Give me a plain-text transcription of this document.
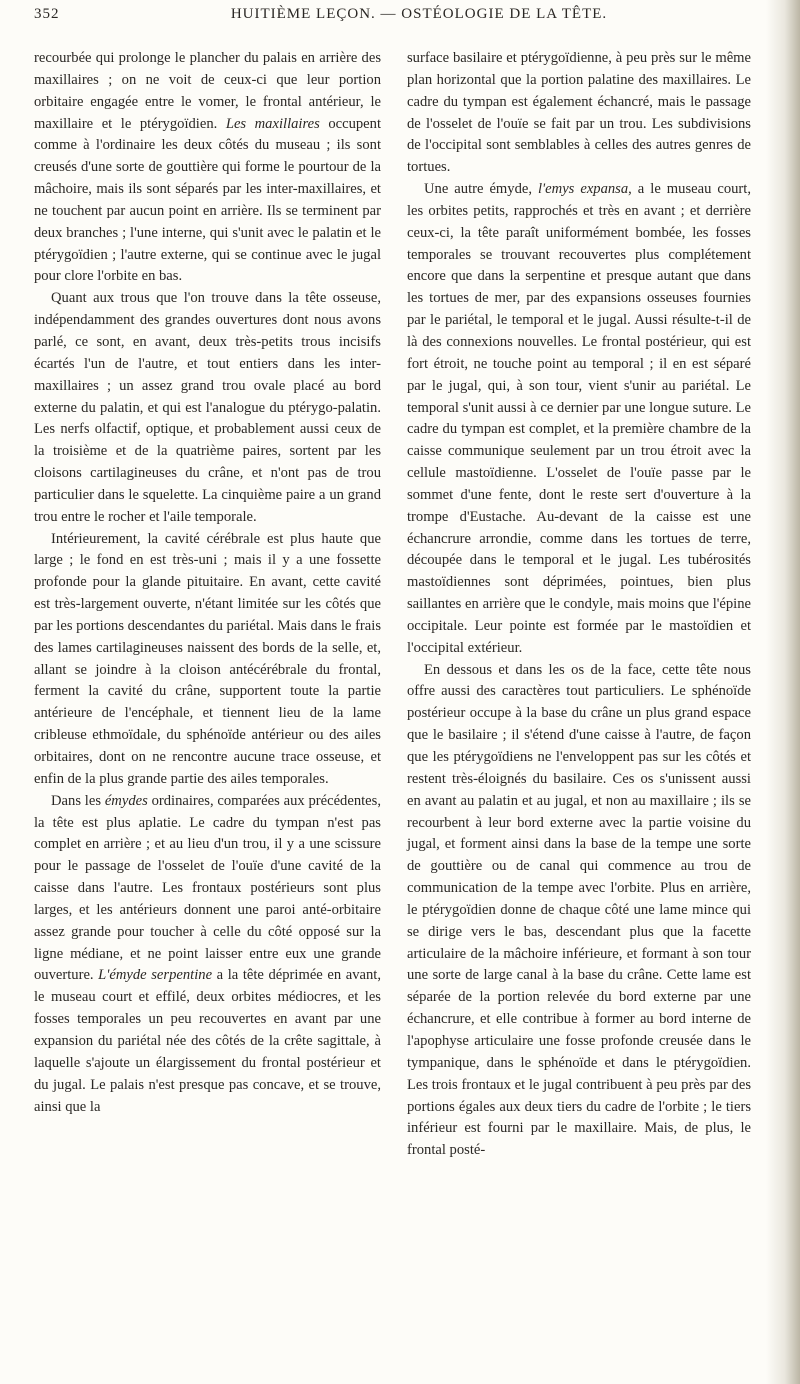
352	HUITIÈME LEÇON. — OSTÉOLOGIE DE LA TÊTE.

recourbée qui prolonge le plancher du palais en arrière des maxillaires ; on ne voit de ceux-ci que leur portion orbitaire engagée entre le vomer, le frontal antérieur, le maxillaire et le ptérygoïdien. Les maxillaires occupent comme à l'ordinaire les deux côtés du museau ; ils sont creusés d'une sorte de gouttière qui forme le pourtour de la mâchoire, mais ils sont séparés par les inter-maxillaires, et ne touchent par aucun point en arrière. Ils se terminent par deux branches ; l'une interne, qui s'unit avec le palatin et le ptérygoïdien ; l'autre externe, qui se continue avec le jugal pour clore l'orbite en bas.

Quant aux trous que l'on trouve dans la tête osseuse, indépendamment des grandes ouvertures dont nous avons parlé, ce sont, en avant, deux très-petits trous incisifs écartés l'un de l'autre, et tout entiers dans les inter-maxillaires ; un assez grand trou ovale placé au bord externe du palatin, et qui est l'analogue du ptérygo-palatin. Les nerfs olfactif, optique, et probablement aussi ceux de la troisième et de la quatrième paires, sortent par les cloisons cartilagineuses du crâne, et n'ont pas de trou particulier dans le squelette. La cinquième paire a un grand trou entre le rocher et l'aile temporale.

Intérieurement, la cavité cérébrale est plus haute que large ; le fond en est très-uni ; mais il y a une fossette profonde pour la glande pituitaire. En avant, cette cavité est très-largement ouverte, n'étant limitée sur les côtés que par les portions descendantes du pariétal. Mais dans le frais des lames cartilagineuses naissent des bords de la selle, et, allant se joindre à la cloison antécérébrale du frontal, ferment la cavité du crâne, supportent toute la partie antérieure de l'encéphale, et tiennent lieu de la lame cribleuse ethmoïdale, du sphénoïde antérieur ou des ailes orbitaires, dont on ne rencontre aucune trace osseuse, et enfin de la plus grande partie des ailes temporales.

Dans les émydes ordinaires, comparées aux précédentes, la tête est plus aplatie. Le cadre du tympan n'est pas complet en arrière ; et au lieu d'un trou, il y a une scissure pour le passage de l'osselet de l'ouïe d'une cavité de la caisse dans l'autre. Les frontaux postérieurs sont plus larges, et les antérieurs donnent une paroi anté-orbitaire assez grande pour toucher à celle du côté opposé sur la ligne médiane, et ne point laisser entre eux une grande ouverture. L'émyde serpentine a la tête déprimée en avant, le museau court et effilé, deux orbites médiocres, et les fosses temporales un peu recouvertes en avant par une expansion du pariétal née des côtés de la crête sagittale, à laquelle s'ajoute un élargissement du frontal postérieur et du jugal. Le palais n'est presque pas concave, et se trouve, ainsi que la

surface basilaire et ptérygoïdienne, à peu près sur le même plan horizontal que la portion palatine des maxillaires. Le cadre du tympan est également échancré, mais le passage de l'osselet de l'ouïe se fait par un trou. Les subdivisions de l'occipital sont semblables à celles des autres genres de tortues.

Une autre émyde, l'emys expansa, a le museau court, les orbites petits, rapprochés et très en avant ; et derrière ceux-ci, la tête paraît uniformément bombée, les fosses temporales se trouvant recouvertes plus complétement encore que dans la serpentine et presque autant que dans les tortues de mer, par des expansions osseuses fournies par le pariétal, le temporal et le jugal. Aussi résulte-t-il de là des connexions nouvelles. Le frontal postérieur, qui est fort étroit, ne touche point au temporal ; il en est séparé par le jugal, qui, à son tour, vient s'unir au pariétal. Le temporal s'unit aussi à ce dernier par une longue suture. Le cadre du tympan est complet, et la première chambre de la caisse communique seulement par un trou étroit avec la cellule mastoïdienne. L'osselet de l'ouïe passe par le sommet d'une fente, dont le reste sert d'ouverture à la trompe d'Eustache. Au-devant de la caisse est une échancrure arrondie, comme dans les tortues de terre, découpée dans le temporal et le jugal. Les tubérosités mastoïdiennes sont déprimées, pointues, bien plus saillantes en arrière que le condyle, mais moins que l'épine occipitale. Leur pointe est formée par le mastoïdien et l'occipital extérieur.

En dessous et dans les os de la face, cette tête nous offre aussi des caractères tout particuliers. Le sphénoïde postérieur occupe à la base du crâne un plus grand espace que le basilaire ; il s'étend d'une caisse à l'autre, de façon que les ptérygoïdiens ne l'enveloppent pas sur les côtés et restent très-éloignés du basilaire. Ces os s'unissent aussi en avant au palatin et au jugal, et non au maxillaire ; ils se recourbent à leur bord externe avec la partie voisine du jugal, et forment ainsi dans la base de la tempe une sorte de gouttière ou de canal qui commence au trou de communication de la tempe avec l'orbite. Plus en arrière, le ptérygoïdien donne de chaque côté une lame mince qui se dirige vers le bas, descendant plus que la facette articulaire de la mâchoire inférieure, et formant à son tour une sorte de large canal à la base du crâne. Cette lame est séparée de la portion relevée du bord externe par une échancrure, et elle contribue à former au bord interne de l'apophyse articulaire une fosse profonde creusée dans le tympanique, dans le sphénoïde et dans le ptérygoïdien. Les trois frontaux et le jugal contribuent à peu près par des portions égales aux deux tiers du cadre de l'orbite ; le tiers inférieur est fourni par le maxillaire. Mais, de plus, le frontal posté-
